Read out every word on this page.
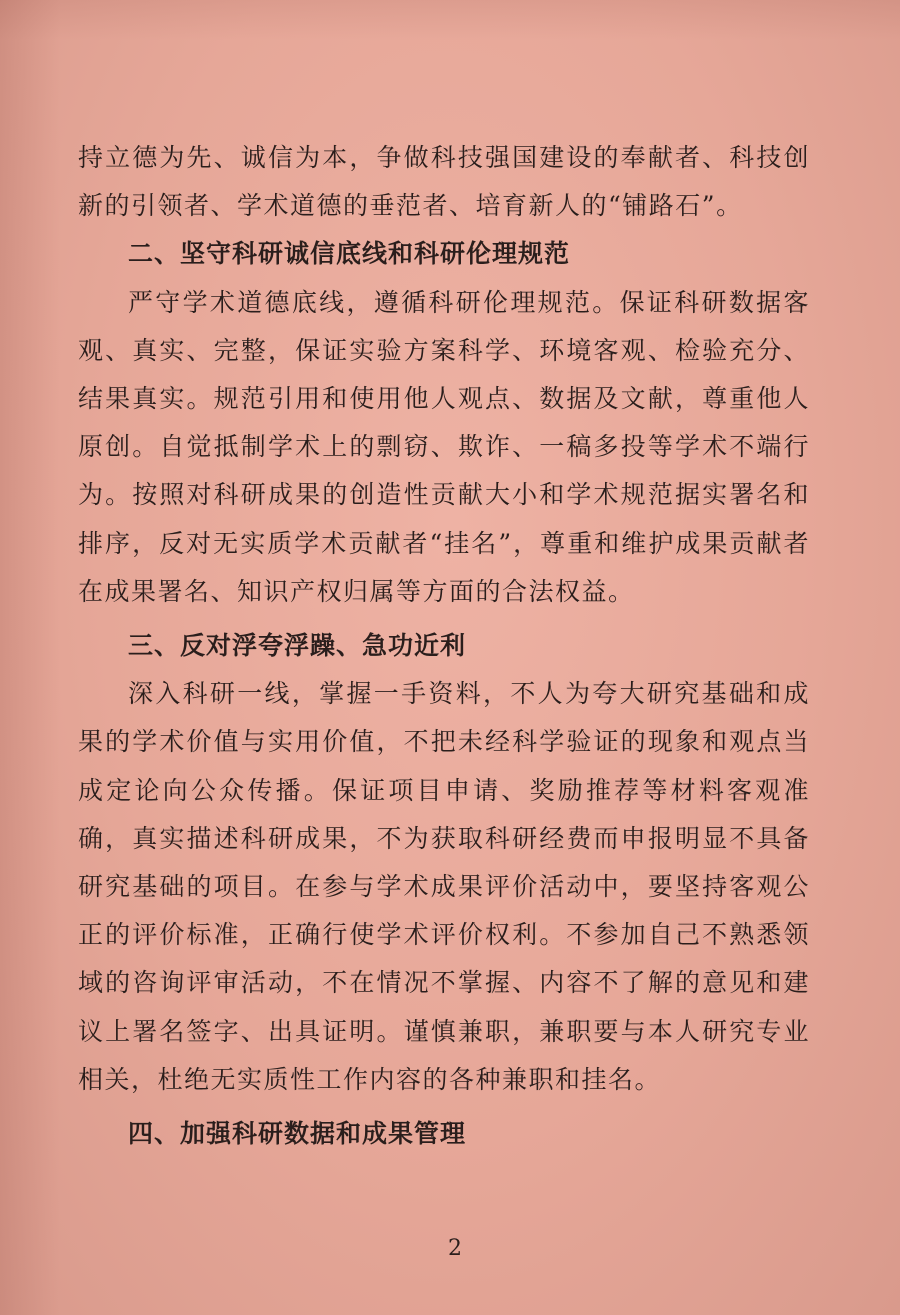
持立德为先、诚信为本，争做科技强国建设的奉献者、科技创新的引领者、学术道德的垂范者、培育新人的“铺路石”。

二、坚守科研诚信底线和科研伦理规范

严守学术道德底线，遵循科研伦理规范。保证科研数据客观、真实、完整，保证实验方案科学、环境客观、检验充分、结果真实。规范引用和使用他人观点、数据及文献，尊重他人原创。自觉抵制学术上的剽窃、欺诈、一稿多投等学术不端行为。按照对科研成果的创造性贡献大小和学术规范据实署名和排序，反对无实质学术贡献者“挂名”，尊重和维护成果贡献者在成果署名、知识产权归属等方面的合法权益。

三、反对浮夸浮躁、急功近利

深入科研一线，掌握一手资料，不人为夸大研究基础和成果的学术价值与实用价值，不把未经科学验证的现象和观点当成定论向公众传播。保证项目申请、奖励推荐等材料客观准确，真实描述科研成果，不为获取科研经费而申报明显不具备研究基础的项目。在参与学术成果评价活动中，要坚持客观公正的评价标准，正确行使学术评价权利。不参加自己不熟悉领域的咨询评审活动，不在情况不掌握、内容不了解的意见和建议上署名签字、出具证明。谨慎兼职，兼职要与本人研究专业相关，杜绝无实质性工作内容的各种兼职和挂名。

四、加强科研数据和成果管理
2
